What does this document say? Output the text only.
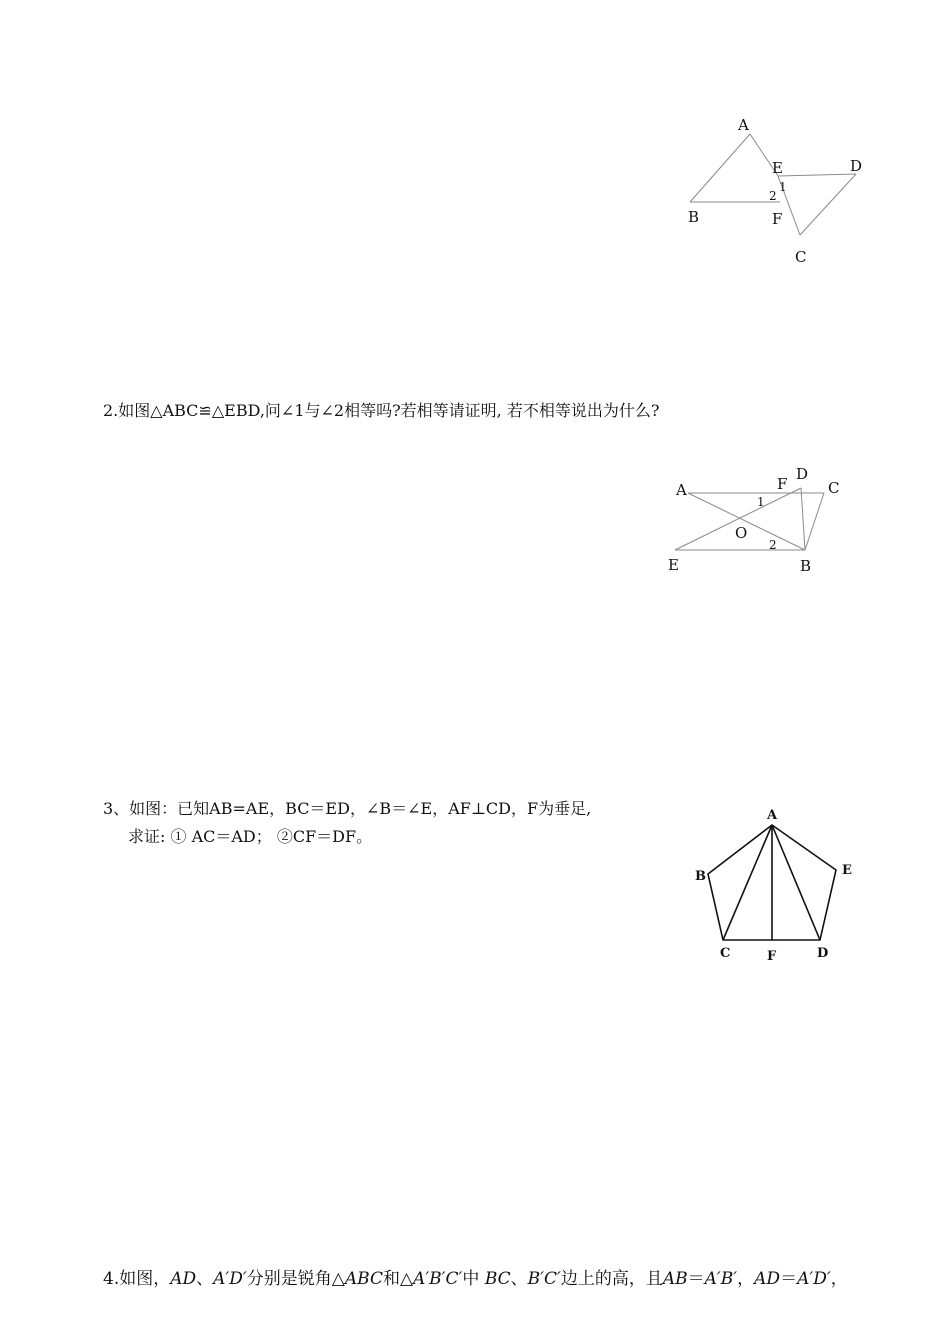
A
B
C
D
E
F
1
2
2.如图△ABC≌△EBD,问∠1与∠2相等吗?若相等请证明, 若不相等说出为什么?
A
B
C
D
E
F
O
1
2
3、如图：已知AB=AE，BC＝ED，∠B＝∠E，AF⊥CD，F为垂足,
求证: ① AC＝AD； ②CF＝DF。
A
B
C	D
E
F
4.如图，AD、A′D′分别是锐角△ABC和△A′B′C′中 BC、B′C′边上的高，且AB＝A′B′，AD＝A′D′，
